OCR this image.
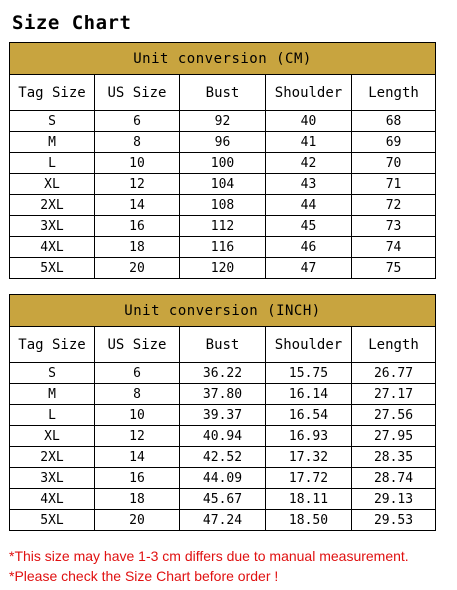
Size Chart
Unit conversion (CM)				
Tag Size	US Size	Bust	Shoulder	Length
S	6	92	40	68
M	8	96	41	69
L	10	100	42	70
XL	12	104	43	71
2XL	14	108	44	72
3XL	16	112	45	73
4XL	18	116	46	74
5XL	20	120	47	75
Unit conversion (INCH)				
Tag Size	US Size	Bust	Shoulder	Length
S	6	36.22	15.75	26.77
M	8	37.80	16.14	27.17
L	10	39.37	16.54	27.56
XL	12	40.94	16.93	27.95
2XL	14	42.52	17.32	28.35
3XL	16	44.09	17.72	28.74
4XL	18	45.67	18.11	29.13
5XL	20	47.24	18.50	29.53
*This size may have 1-3 cm differs due to manual measurement.
*Please check the Size Chart before order !
